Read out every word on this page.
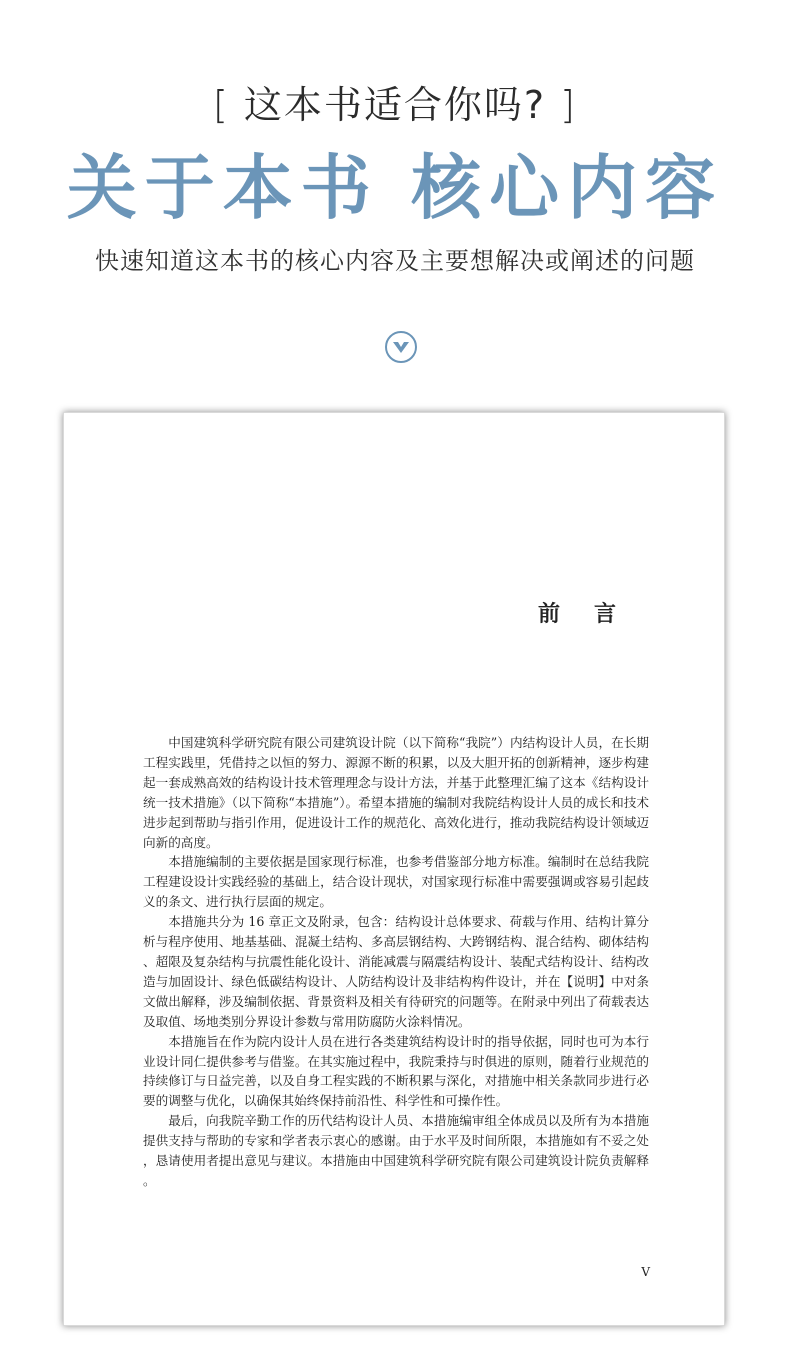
[ 这本书适合你吗? ]
关于本书 核心内容
快速知道这本书的核心内容及主要想解决或阐述的问题
前言

中国建筑科学研究院有限公司建筑设计院（以下简称“我院”）内结构设计人员，在长期工程实践里，凭借持之以恒的努力、源源不断的积累，以及大胆开拓的创新精神，逐步构建起一套成熟高效的结构设计技术管理理念与设计方法，并基于此整理汇编了这本《结构设计统一技术措施》（以下简称“本措施”）。希望本措施的编制对我院结构设计人员的成长和技术进步起到帮助与指引作用，促进设计工作的规范化、高效化进行，推动我院结构设计领域迈向新的高度。

本措施编制的主要依据是国家现行标准，也参考借鉴部分地方标准。编制时在总结我院工程建设设计实践经验的基础上，结合设计现状，对国家现行标准中需要强调或容易引起歧义的条文、进行执行层面的规定。

本措施共分为 16 章正文及附录，包含：结构设计总体要求、荷载与作用、结构计算分析与程序使用、地基基础、混凝土结构、多高层钢结构、大跨钢结构、混合结构、砌体结构、超限及复杂结构与抗震性能化设计、消能减震与隔震结构设计、装配式结构设计、结构改造与加固设计、绿色低碳结构设计、人防结构设计及非结构构件设计，并在【说明】中对条文做出解释，涉及编制依据、背景资料及相关有待研究的问题等。在附录中列出了荷载表达及取值、场地类别分界设计参数与常用防腐防火涂料情况。

本措施旨在作为院内设计人员在进行各类建筑结构设计时的指导依据，同时也可为本行业设计同仁提供参考与借鉴。在其实施过程中，我院秉持与时俱进的原则，随着行业规范的持续修订与日益完善，以及自身工程实践的不断积累与深化，对措施中相关条款同步进行必要的调整与优化，以确保其始终保持前沿性、科学性和可操作性。

最后，向我院辛勤工作的历代结构设计人员、本措施编审组全体成员以及所有为本措施提供支持与帮助的专家和学者表示衷心的感谢。由于水平及时间所限，本措施如有不妥之处，恳请使用者提出意见与建议。本措施由中国建筑科学研究院有限公司建筑设计院负责解释。

V
